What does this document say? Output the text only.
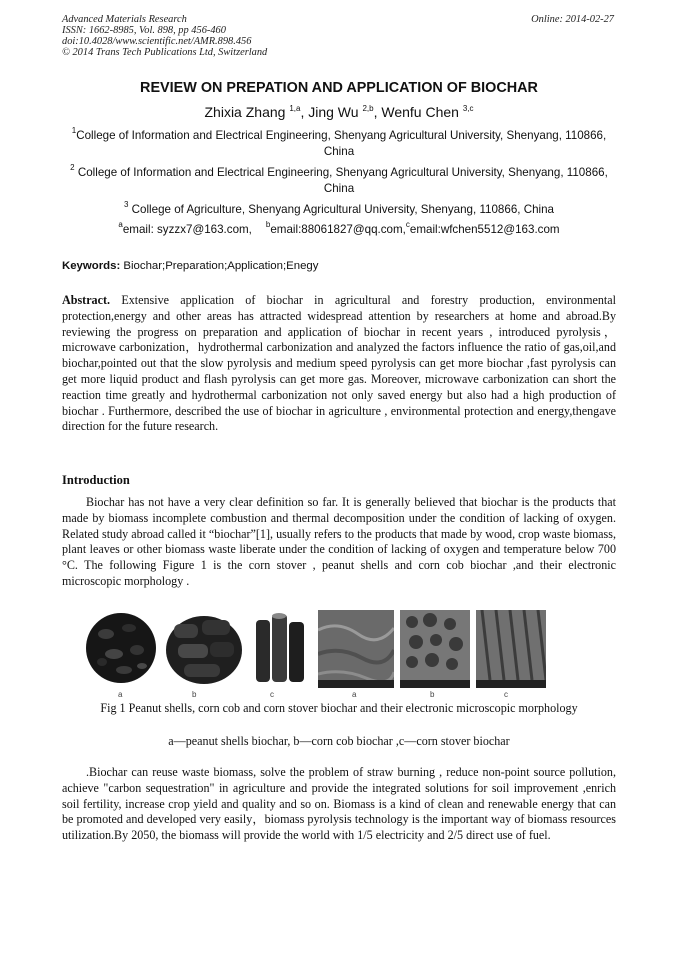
Advanced Materials Research
ISSN: 1662-8985, Vol. 898, pp 456-460
doi:10.4028/www.scientific.net/AMR.898.456
© 2014 Trans Tech Publications Ltd, Switzerland
Online: 2014-02-27
REVIEW ON PREPATION AND APPLICATION OF BIOCHAR
Zhixia Zhang $^{1,a}$, Jing Wu $^{2,b}$, Wenfu Chen $^{3,c}$
$^1$College of Information and Electrical Engineering, Shenyang Agricultural University, Shenyang, 110866, China
$^2$ College of Information and Electrical Engineering, Shenyang Agricultural University, Shenyang, 110866, China
$^3$ College of Agriculture, Shenyang Agricultural University, Shenyang, 110866, China
$^a$email: syzzx7@163.com, $^b$email:88061827@qq.com,$^c$email:wfchen5512@163.com
Keywords: Biochar;Preparation;Application;Enegy
Abstract. Extensive application of biochar in agricultural and forestry production, environmental protection,energy and other areas has attracted widespread attention by researchers at home and abroad.By reviewing the progress on preparation and application of biochar in recent years , introduced pyrolysis，microwave carbonization，hydrothermal carbonization and analyzed the factors influence the ratio of gas,oil,and biochar,pointed out that the slow pyrolysis and medium speed pyrolysis can get more biochar ,fast pyrolysis can get more liquid product and flash pyrolysis can get more gas. Moreover, microwave carbonization can short the reaction time greatly and hydrothermal carbonization not only saved energy but also had a high production of biochar . Furthermore, described the use of biochar in agriculture , environmental protection and energy,thengave direction for the future research.
Introduction
Biochar has not have a very clear definition so far. It is generally believed that biochar is the products that made by biomass incomplete combustion and thermal decomposition under the condition of lacking of oxygen. Related study abroad called it “biochar”[1], usually refers to the products that made by wood, crop waste biomass, plant leaves or other biomass waste liberate under the condition of lacking of oxygen and temperature below 700 °C. The following Figure 1 is the corn stover , peanut shells and corn cob biochar ,and their electronic microscopic morphology .
a	b	c	a	b	c
Fig 1 Peanut shells, corn cob and corn stover biochar and their electronic microscopic morphology
a—peanut shells biochar, b—corn cob biochar ,c—corn stover biochar
.Biochar can reuse waste biomass, solve the problem of straw burning , reduce non-point source pollution, achieve "carbon sequestration" in agriculture and provide the integrated solutions for soil improvement ,enrich soil fertility, increase crop yield and quality and so on. Biomass is a kind of clean and renewable energy that can be promoted and developed very easily，biomass pyrolysis technology is the important way of biomass resources utilization.By 2050, the biomass will provide the world with 1/5 electricity and 2/5 direct use of fuel.
